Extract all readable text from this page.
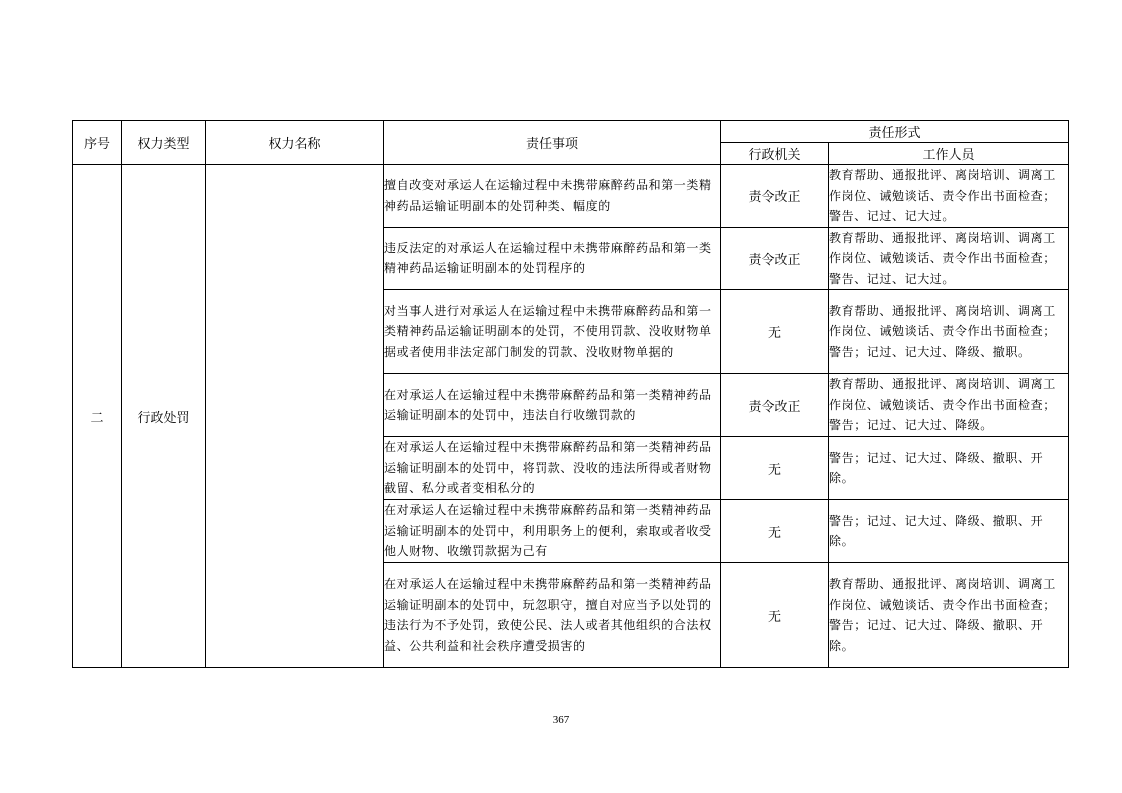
序号	权力类型	权力名称	责任事项	责任形式	
				行政机关	工作人员
二	行政处罚		擅自改变对承运人在运输过程中未携带麻醉药品和第一类精神药品运输证明副本的处罚种类、幅度的	责令改正	教育帮助、通报批评、离岗培训、调离工作岗位、诫勉谈话、责令作出书面检查；警告、记过、记大过。
			违反法定的对承运人在运输过程中未携带麻醉药品和第一类精神药品运输证明副本的处罚程序的	责令改正	教育帮助、通报批评、离岗培训、调离工作岗位、诫勉谈话、责令作出书面检查；警告、记过、记大过。
			对当事人进行对承运人在运输过程中未携带麻醉药品和第一类精神药品运输证明副本的处罚，不使用罚款、没收财物单据或者使用非法定部门制发的罚款、没收财物单据的	无	教育帮助、通报批评、离岗培训、调离工作岗位、诫勉谈话、责令作出书面检查；警告；记过、记大过、降级、撤职。
			在对承运人在运输过程中未携带麻醉药品和第一类精神药品运输证明副本的处罚中，违法自行收缴罚款的	责令改正	教育帮助、通报批评、离岗培训、调离工作岗位、诫勉谈话、责令作出书面检查；警告；记过、记大过、降级。
			在对承运人在运输过程中未携带麻醉药品和第一类精神药品运输证明副本的处罚中，将罚款、没收的违法所得或者财物截留、私分或者变相私分的	无	警告；记过、记大过、降级、撤职、开除。
			在对承运人在运输过程中未携带麻醉药品和第一类精神药品运输证明副本的处罚中，利用职务上的便利，索取或者收受他人财物、收缴罚款据为己有	无	警告；记过、记大过、降级、撤职、开除。
			在对承运人在运输过程中未携带麻醉药品和第一类精神药品运输证明副本的处罚中，玩忽职守，擅自对应当予以处罚的违法行为不予处罚，致使公民、法人或者其他组织的合法权益、公共利益和社会秩序遭受损害的	无	教育帮助、通报批评、离岗培训、调离工作岗位、诫勉谈话、责令作出书面检查；警告；记过、记大过、降级、撤职、开除。
367
